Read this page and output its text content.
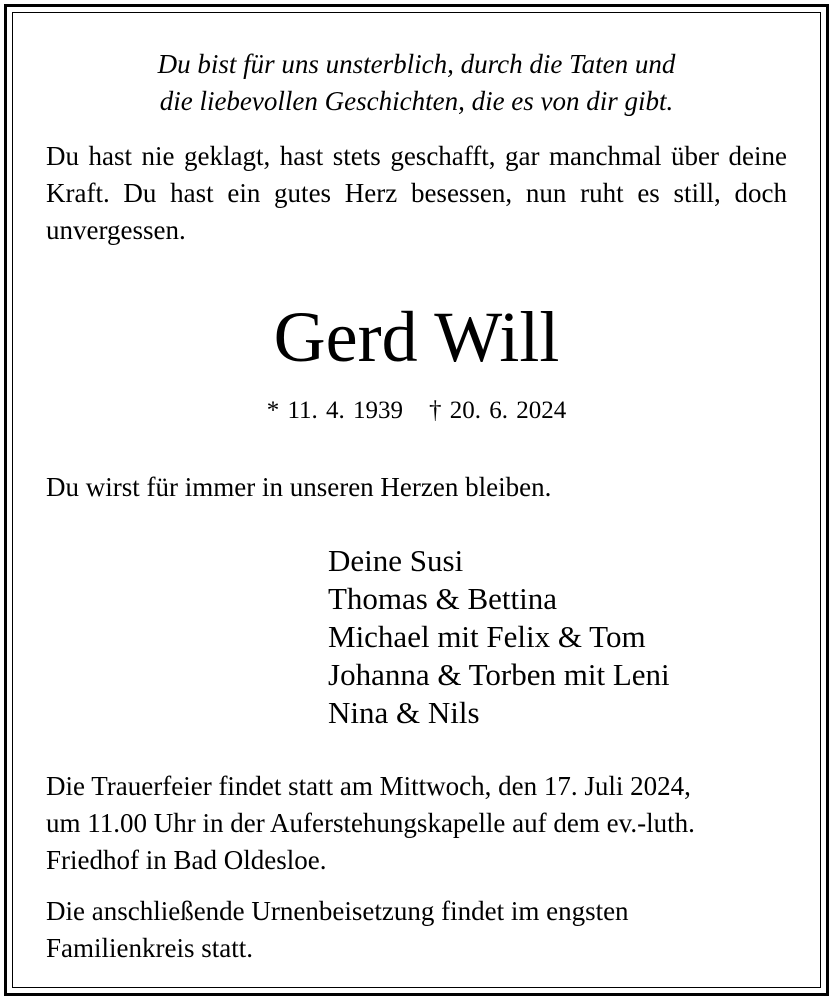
Du bist für uns unsterblich, durch die Taten und
die liebevollen Geschichten, die es von dir gibt.

Du hast nie geklagt, hast stets geschafft, gar manchmal über deine Kraft. Du hast ein gutes Herz besessen, nun ruht es still, doch unvergessen.

Gerd Will

* 11. 4. 1939 † 20. 6. 2024

Du wirst für immer in unseren Herzen bleiben.

Deine Susi
Thomas & Bettina
Michael mit Felix & Tom
Johanna & Torben mit Leni
Nina & Nils

Die Trauerfeier findet statt am Mittwoch, den 17. Juli 2024,
um 11.00 Uhr in der Auferstehungskapelle auf dem ev.-luth.
Friedhof in Bad Oldesloe.

Die anschließende Urnenbeisetzung findet im engsten
Familienkreis statt.
